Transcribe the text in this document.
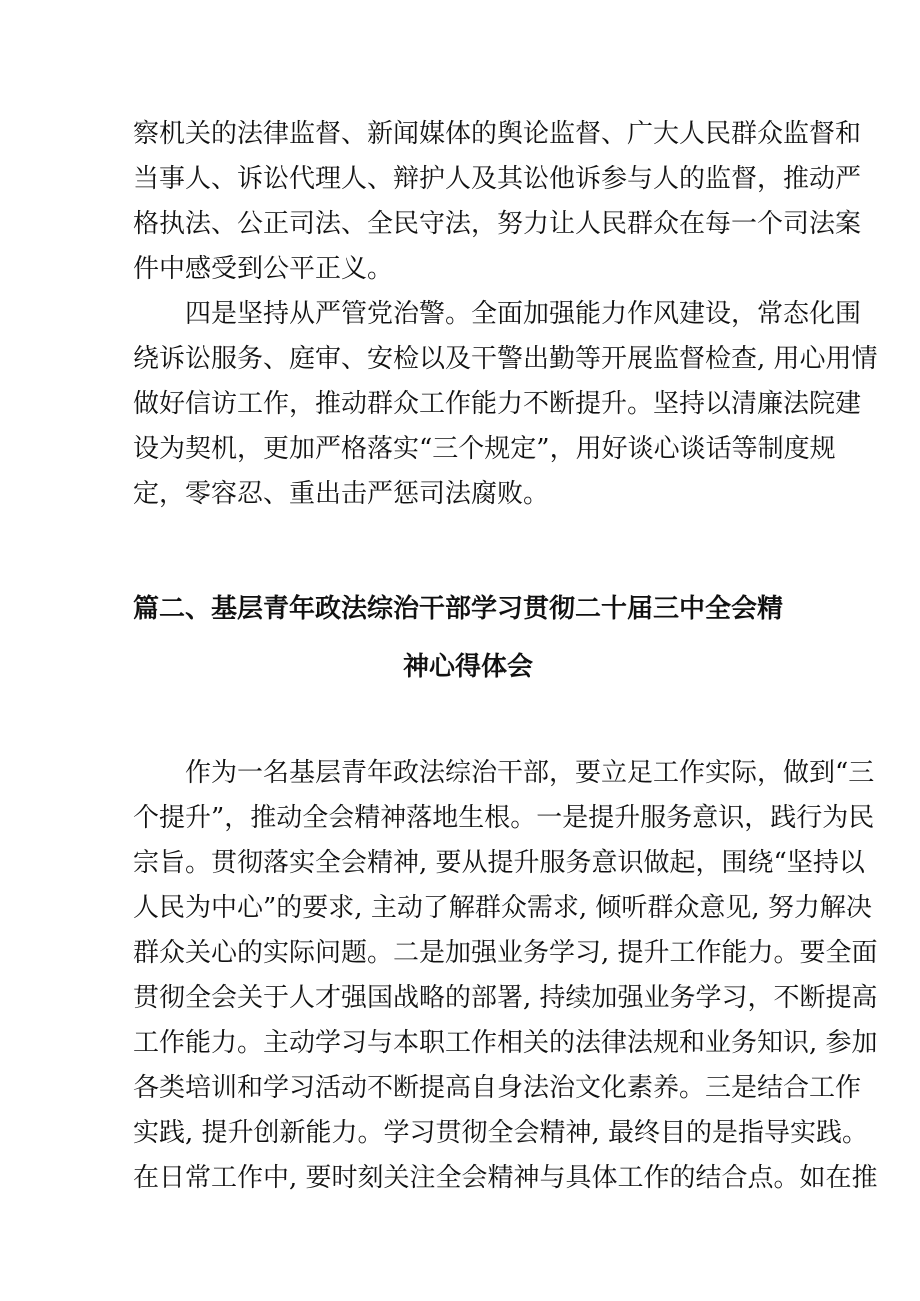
察机关的法律监督、新闻媒体的舆论监督、广大人民群众监督和
当事人、诉讼代理人、辩护人及其讼他诉参与人的监督，推动严
格执法、公正司法、全民守法，努力让人民群众在每一个司法案
件中感受到公平正义。
四是坚持从严管党治警。全面加强能力作风建设，常态化围
绕诉讼服务、庭审、安检以及干警出勤等开展监督检查, 用心用情
做好信访工作，推动群众工作能力不断提升。坚持以清廉法院建
设为契机，更加严格落实“三个规定”，用好谈心谈话等制度规
定，零容忍、重出击严惩司法腐败。
篇二、基层青年政法综治干部学习贯彻二十届三中全会精
神心得体会
作为一名基层青年政法综治干部，要立足工作实际，做到“三
个提升”，推动全会精神落地生根。一是提升服务意识，践行为民
宗旨。贯彻落实全会精神, 要从提升服务意识做起，围绕“坚持以
人民为中心”的要求, 主动了解群众需求, 倾听群众意见, 努力解决
群众关心的实际问题。二是加强业务学习, 提升工作能力。要全面
贯彻全会关于人才强国战略的部署, 持续加强业务学习，不断提高
工作能力。主动学习与本职工作相关的法律法规和业务知识, 参加
各类培训和学习活动不断提高自身法治文化素养。三是结合工作
实践, 提升创新能力。学习贯彻全会精神, 最终目的是指导实践。
在日常工作中, 要时刻关注全会精神与具体工作的结合点。如在推
